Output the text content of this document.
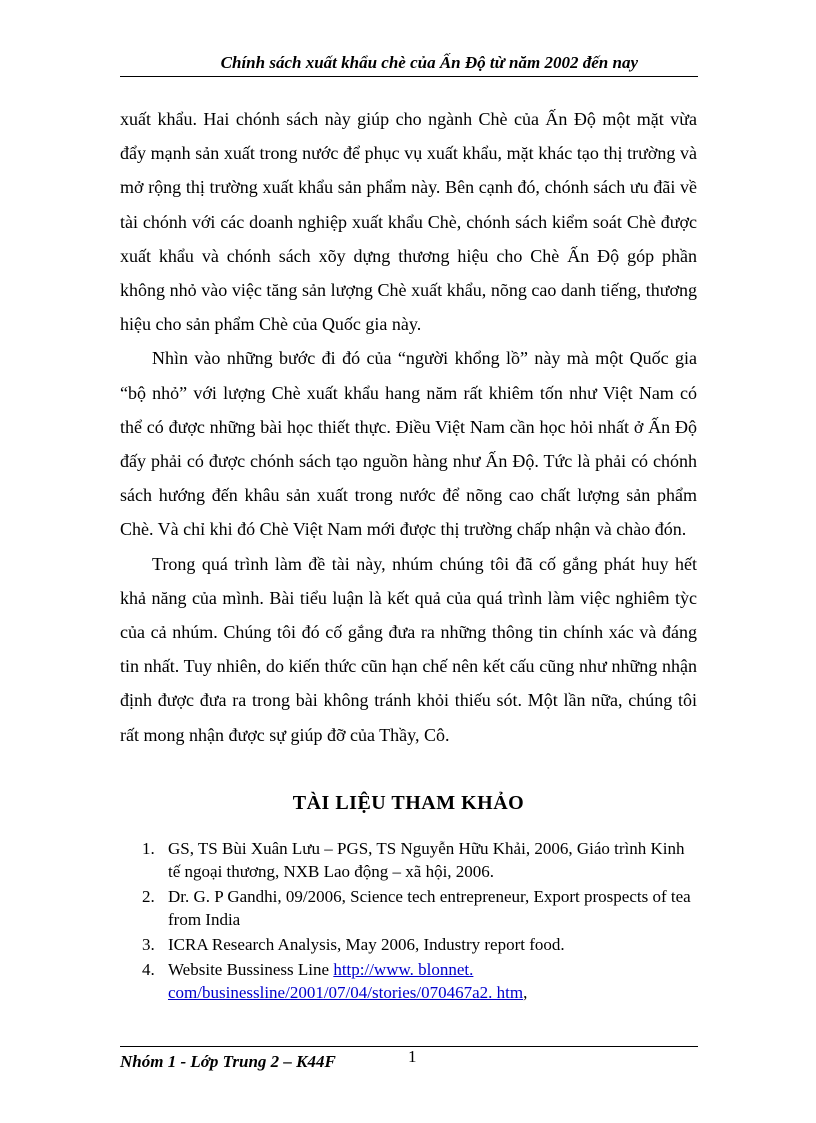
Chính sách xuất khẩu chè của Ấn Độ từ năm 2002 đến nay

xuất khẩu. Hai chónh sách này giúp cho ngành Chè của Ấn Độ một mặt vừa đẩy mạnh sản xuất trong nước để phục vụ xuất khẩu, mặt khác tạo thị trường và mở rộng thị trường xuất khẩu sản phẩm này. Bên cạnh đó, chónh sách ưu đãi về tài chónh với các doanh nghiệp xuất khẩu Chè, chónh sách kiểm soát Chè được xuất khẩu và chónh sách xõy dựng thương hiệu cho Chè Ấn Độ góp phần không nhỏ vào việc tăng sản lượng Chè xuất khẩu, nõng cao danh tiếng, thương hiệu cho sản phẩm Chè của Quốc gia này.

Nhìn vào những bước đi đó của “người khổng lồ” này mà một Quốc gia “bộ nhỏ” với lượng Chè xuất khẩu hang năm rất khiêm tốn như Việt Nam có thể có được những bài học thiết thực. Điều Việt Nam cần học hỏi nhất ở Ấn Độ đấy phải có được chónh sách tạo nguồn hàng như Ấn Độ. Tức là phải có chónh sách hướng đến khâu sản xuất trong nước để nõng cao chất lượng sản phẩm Chè. Và chỉ khi đó Chè Việt Nam mới được thị trường chấp nhận và chào đón.

Trong quá trình làm đề tài này, nhúm chúng tôi đã cố gắng phát huy hết khả năng của mình. Bài tiểu luận là kết quả của quá trình làm việc nghiêm tỳc của cả nhúm. Chúng tôi đó cố gắng đưa ra những thông tin chính xác và đáng tin nhất. Tuy nhiên, do kiến thức cũn hạn chế nên kết cấu cũng như những nhận định được đưa ra trong bài không tránh khỏi thiếu sót. Một lần nữa, chúng tôi rất mong nhận được sự giúp đỡ của Thầy, Cô.

TÀI LIỆU THAM KHẢO
1. GS, TS Bùi Xuân Lưu – PGS, TS Nguyễn Hữu Khải, 2006, Giáo trình Kinh tế ngoại thương, NXB Lao động – xã hội, 2006.
2. Dr. G. P Gandhi, 09/2006, Science tech entrepreneur, Export prospects of tea from India
3. ICRA Research Analysis, May 2006, Industry report food.
4. Website Bussiness Line http://www. blonnet. com/businessline/2001/07/04/stories/070467a2. htm,
Nhóm 1 - Lớp Trung 2 – K44F	1
